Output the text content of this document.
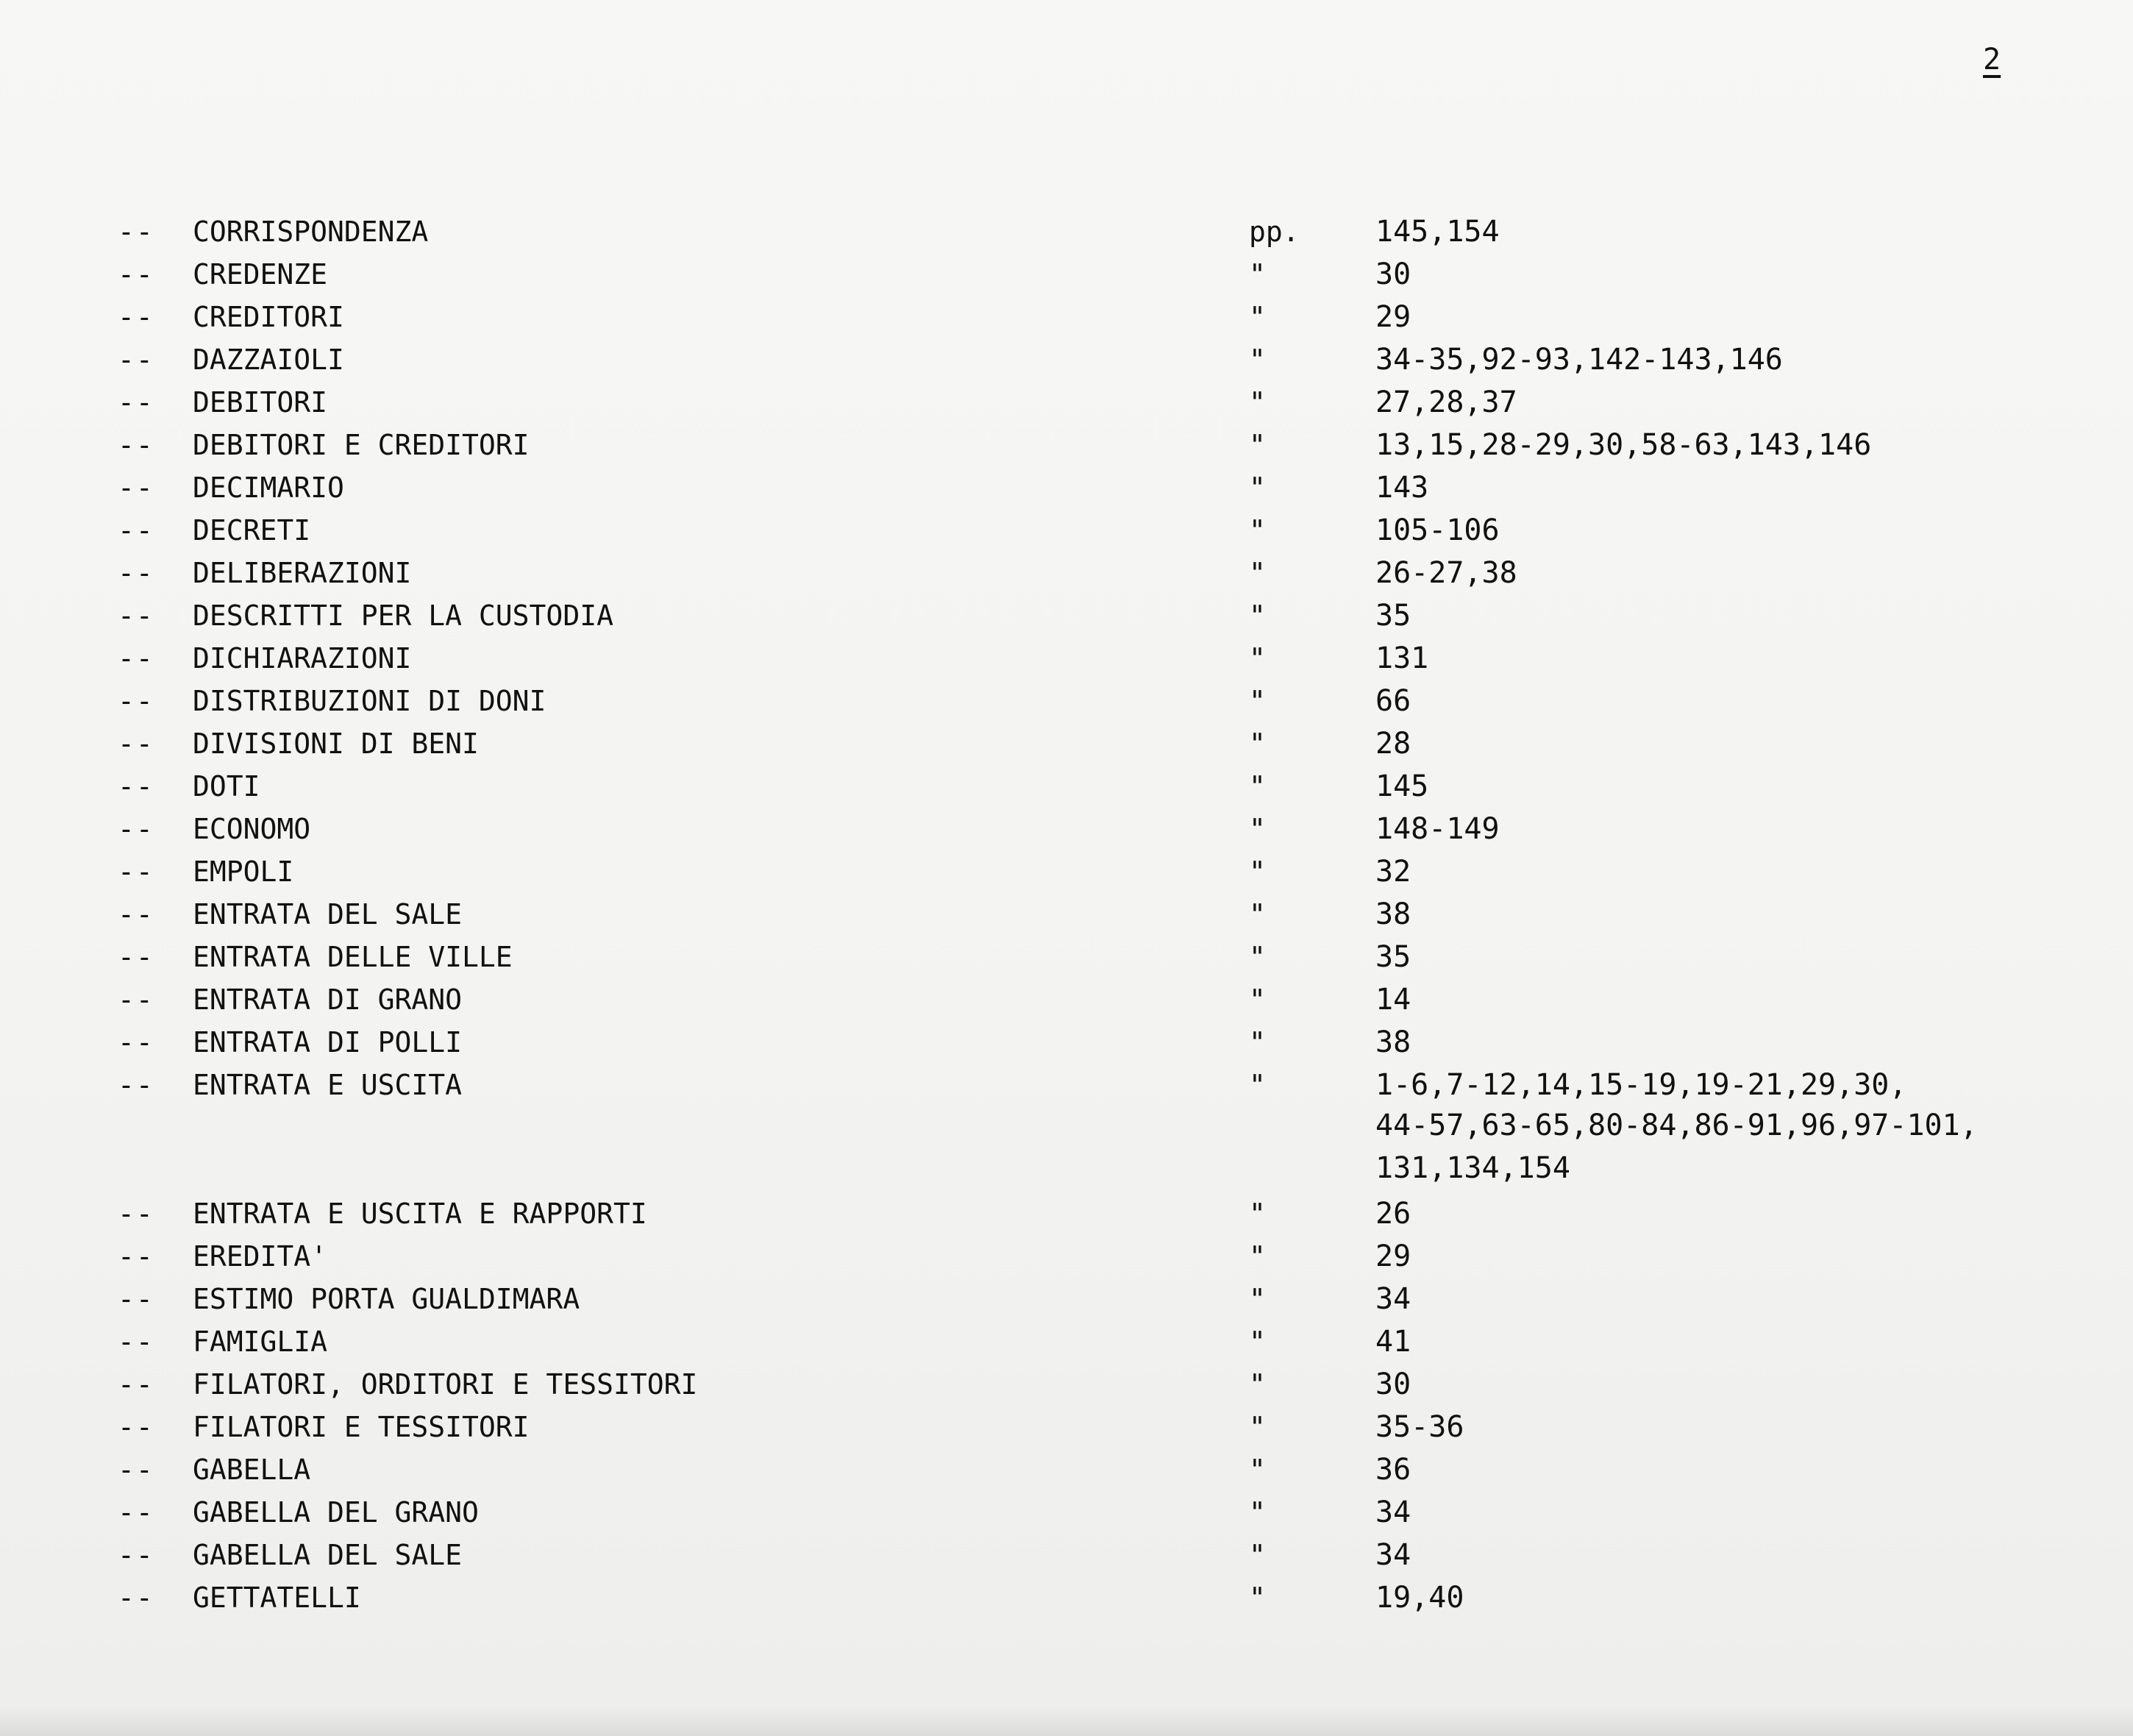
2
-- CORRISPONDENZA	pp.	145,154
-- CREDENZE	"	30
-- CREDITORI	"	29
-- DAZZAIOLI	"	34-35,92-93,142-143,146
-- DEBITORI	"	27,28,37
-- DEBITORI E CREDITORI	"	13,15,28-29,30,58-63,143,146
-- DECIMARIO	"	143
-- DECRETI	"	105-106
-- DELIBERAZIONI	"	26-27,38
-- DESCRITTI PER LA CUSTODIA	"	35
-- DICHIARAZIONI	"	131
-- DISTRIBUZIONI DI DONI	"	66
-- DIVISIONI DI BENI	"	28
-- DOTI	"	145
-- ECONOMO	"	148-149
-- EMPOLI	"	32
-- ENTRATA DEL SALE	"	38
-- ENTRATA DELLE VILLE	"	35
-- ENTRATA DI GRANO	"	14
-- ENTRATA DI POLLI	"	38
-- ENTRATA E USCITA	"	1-6,7-12,14,15-19,19-21,29,30,
44-57,63-65,80-84,86-91,96,97-101,
131,134,154
-- ENTRATA E USCITA E RAPPORTI	"	26
-- EREDITA'	"	29
-- ESTIMO PORTA GUALDIMARA	"	34
-- FAMIGLIA	"	41
-- FILATORI, ORDITORI E TESSITORI	"	30
-- FILATORI E TESSITORI	"	35-36
-- GABELLA	"	36
-- GABELLA DEL GRANO	"	34
-- GABELLA DEL SALE	"	34
-- GETTATELLI	"	19,40
